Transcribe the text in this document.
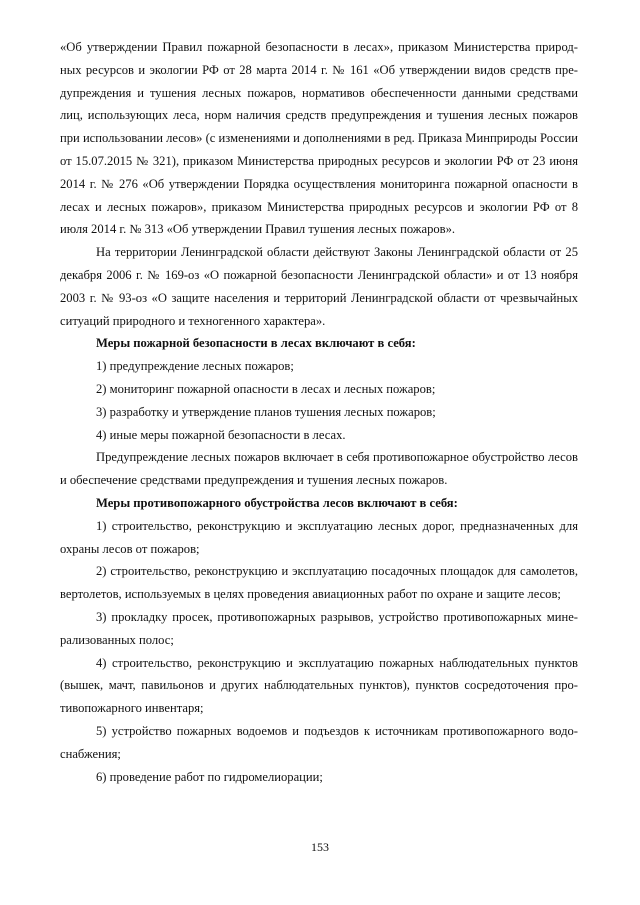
«Об утверждении Правил пожарной безопасности в лесах», приказом Министерства природных ресурсов и экологии РФ от 28 марта 2014 г. № 161 «Об утверждении видов средств предупреждения и тушения лесных пожаров, нормативов обеспеченности данными средствами лиц, использующих леса, норм наличия средств предупреждения и тушения лесных пожаров при использовании лесов» (с изменениями и дополнениями в ред. Приказа Минприроды России от 15.07.2015 № 321), приказом Министерства природных ресурсов и экологии РФ от 23 июня 2014 г. № 276 «Об утверждении Порядка осуществления мониторинга пожарной опасности в лесах и лесных пожаров», приказом Министерства природных ресурсов и экологии РФ от 8 июля 2014 г. № 313 «Об утверждении Правил тушения лесных пожаров».

На территории Ленинградской области действуют Законы Ленинградской области от 25 декабря 2006 г. № 169-оз «О пожарной безопасности Ленинградской области» и от 13 ноября 2003 г. № 93-оз «О защите населения и территорий Ленинградской области от чрезвычайных ситуаций природного и техногенного характера».

Меры пожарной безопасности в лесах включают в себя:

1) предупреждение лесных пожаров;

2) мониторинг пожарной опасности в лесах и лесных пожаров;

3) разработку и утверждение планов тушения лесных пожаров;

4) иные меры пожарной безопасности в лесах.

Предупреждение лесных пожаров включает в себя противопожарное обустройство лесов и обеспечение средствами предупреждения и тушения лесных пожаров.

Меры противопожарного обустройства лесов включают в себя:

1) строительство, реконструкцию и эксплуатацию лесных дорог, предназначенных для охраны лесов от пожаров;

2) строительство, реконструкцию и эксплуатацию посадочных площадок для самолетов, вертолетов, используемых в целях проведения авиационных работ по охране и защите лесов;

3) прокладку просек, противопожарных разрывов, устройство противопожарных минерализованных полос;

4) строительство, реконструкцию и эксплуатацию пожарных наблюдательных пунктов (вышек, мачт, павильонов и других наблюдательных пунктов), пунктов сосредоточения противопожарного инвентаря;

5) устройство пожарных водоемов и подъездов к источникам противопожарного водоснабжения;

6) проведение работ по гидромелиорации;

153
